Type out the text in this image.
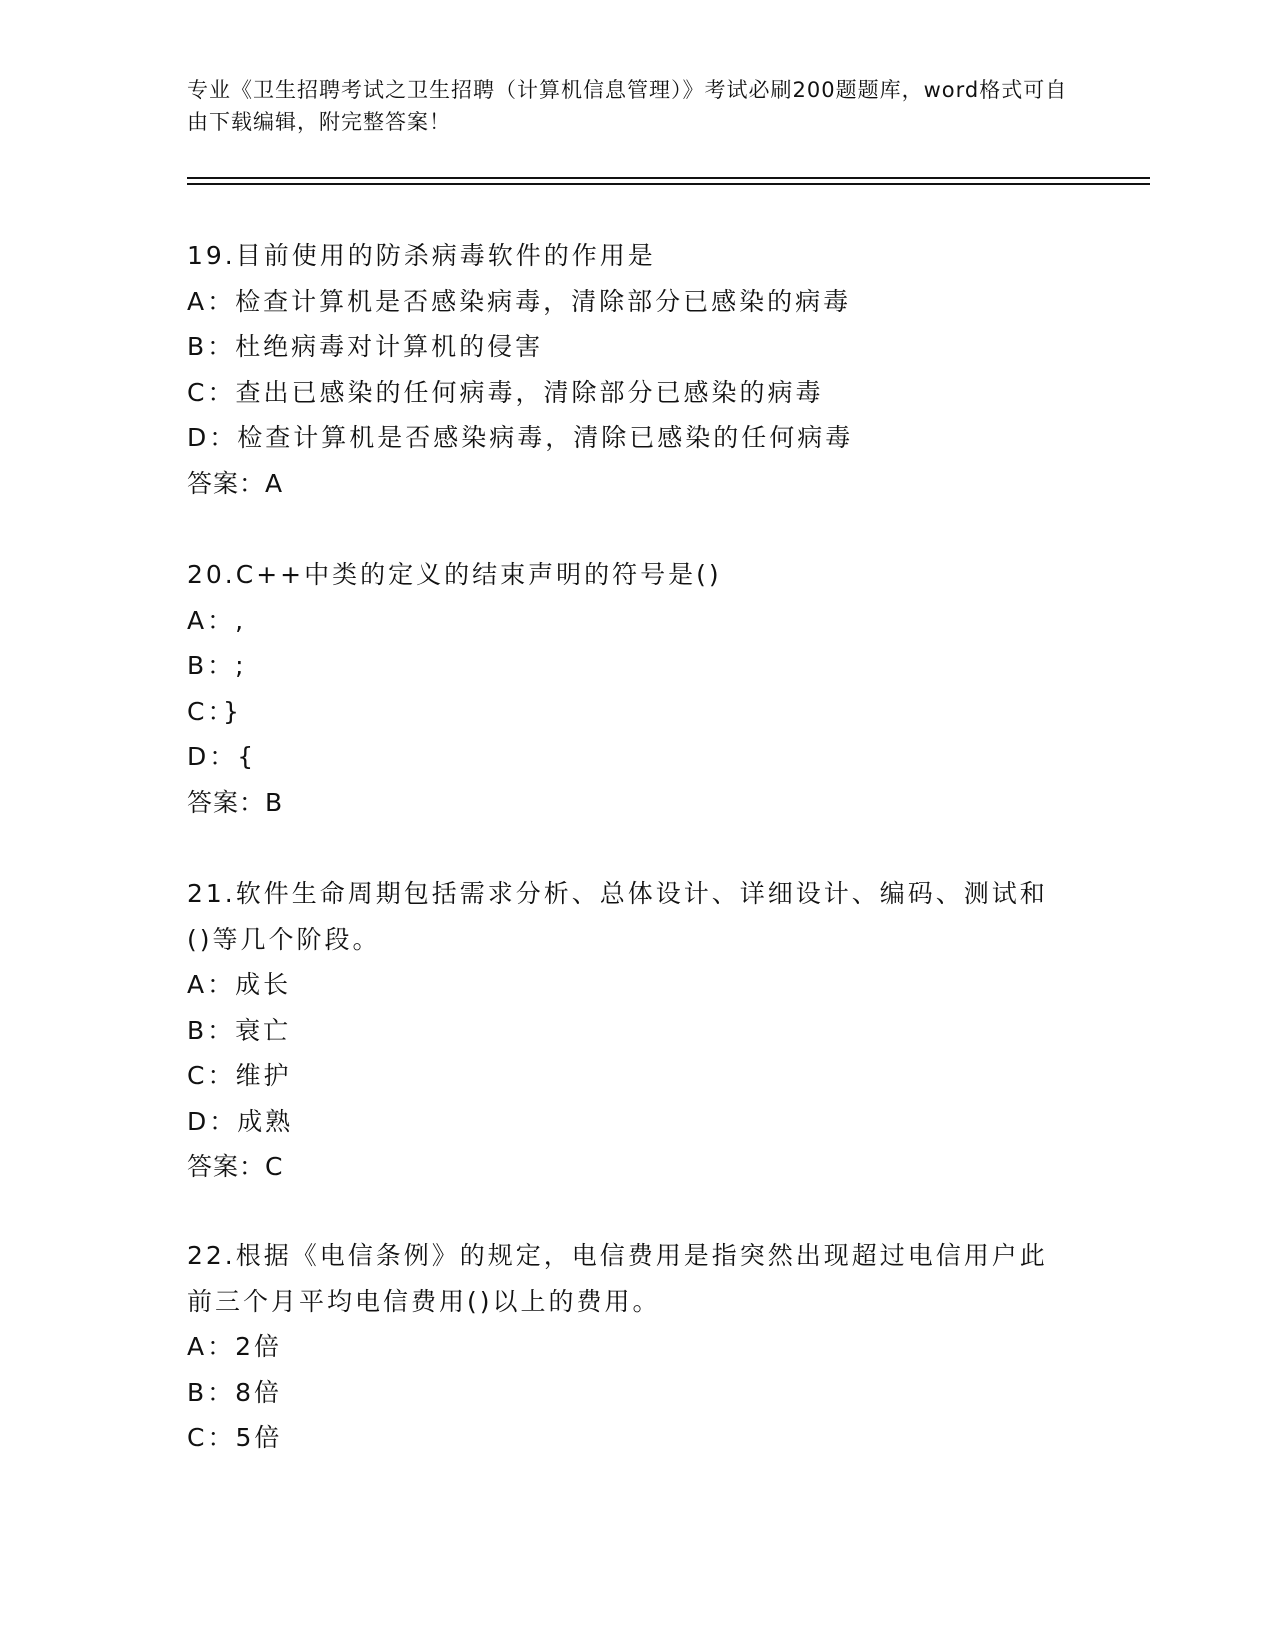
专业《卫生招聘考试之卫生招聘（计算机信息管理）》考试必刷200题题库，word格式可自由下载编辑，附完整答案！
19.目前使用的防杀病毒软件的作用是
A：检查计算机是否感染病毒，清除部分已感染的病毒
B：杜绝病毒对计算机的侵害
C：查出已感染的任何病毒，清除部分已感染的病毒
D：检查计算机是否感染病毒，清除已感染的任何病毒
答案：A
20.C++中类的定义的结束声明的符号是()
A：,
B：;
C：}
D：{
答案：B
21.软件生命周期包括需求分析、总体设计、详细设计、编码、测试和()等几个阶段。
A：成长
B：衰亡
C：维护
D：成熟
答案：C
22.根据《电信条例》的规定，电信费用是指突然出现超过电信用户此前三个月平均电信费用()以上的费用。
A：2倍
B：8倍
C：5倍
